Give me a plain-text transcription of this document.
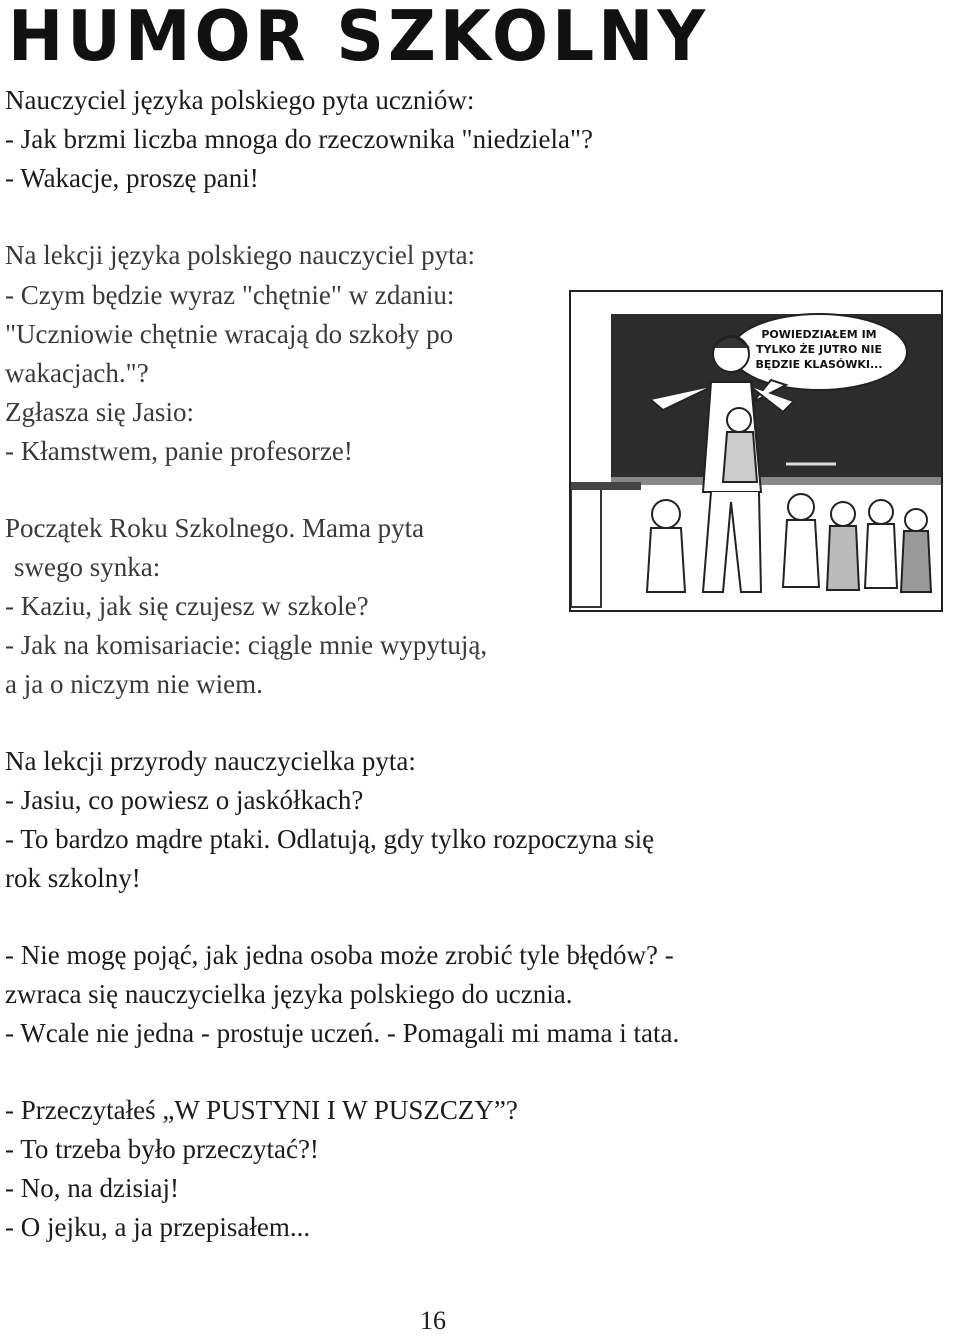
HUMOR SZKOLNY

Nauczyciel języka polskiego pyta uczniów:

- Jak brzmi liczba mnoga do rzeczownika "niedziela"?

- Wakacje, proszę pani!

Na lekcji języka polskiego nauczyciel pyta:

- Czym będzie wyraz "chętnie" w zdaniu:

"Uczniowie chętnie wracają do szkoły po

wakacjach."?

Zgłasza się Jasio:

- Kłamstwem, panie profesorze!

Początek Roku Szkolnego. Mama pyta

swego synka:

- Kaziu, jak się czujesz w szkole?

- Jak na komisariacie: ciągle mnie wypytują,

a ja o niczym nie wiem.

Na lekcji przyrody nauczycielka pyta:

- Jasiu, co powiesz o jaskółkach?

- To bardzo mądre ptaki. Odlatują, gdy tylko rozpoczyna się

rok szkolny!

- Nie mogę pojąć, jak jedna osoba może zrobić tyle błędów? -

zwraca się nauczycielka języka polskiego do ucznia.

- Wcale nie jedna - prostuje uczeń. - Pomagali mi mama i tata.

- Przeczytałeś „W PUSTYNI I W PUSZCZY”?

- To trzeba było przeczytać?!

- No, na dzisiaj!

- O jejku, a ja przepisałem...

POWIEDZIAŁEM IM
TYLKO ŻE JUTRO NIE
BĘDZIE KLASÓWKI...
16
